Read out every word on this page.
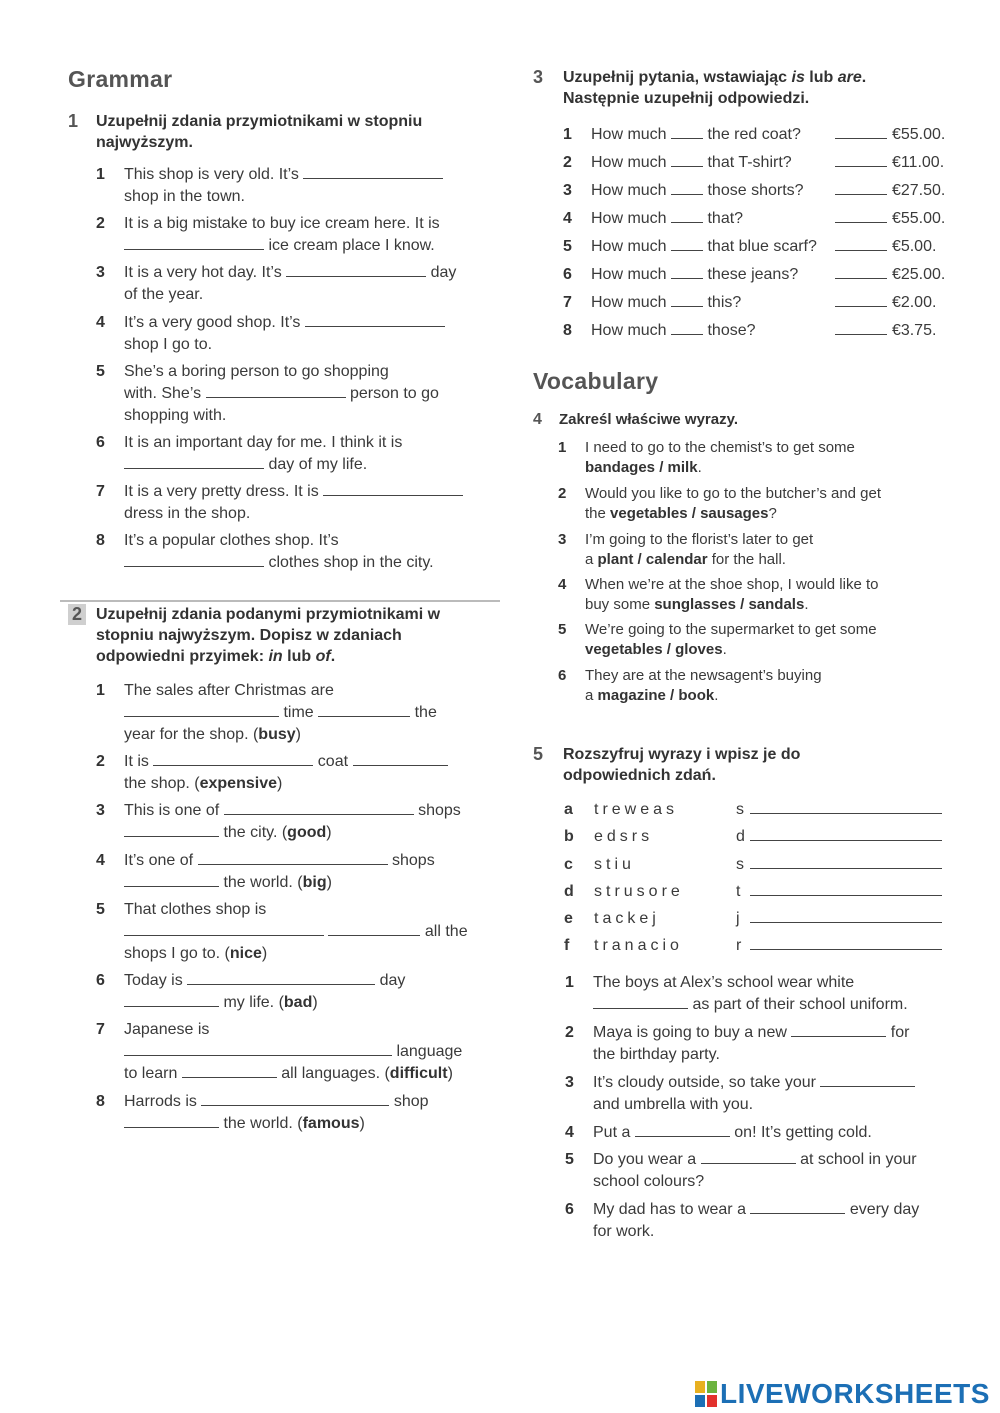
Grammar
1	Uzupełnij zdania przymiotnikami w stopniu najwyższym.
1	This shop is very old. It’s
shop in the town.
2	It is a big mistake to buy ice cream here. It is
ice cream place I know.
3	It is a very hot day. It’s	day
of the year.
4	It’s a very good shop. It’s
shop I go to.
5	She’s a boring person to go shopping
with. She’s	person to go
shopping with.
6	It is an important day for me. I think it is
day of my life.
7	It is a very pretty dress. It is
dress in the shop.
8	It’s a popular clothes shop. It’s
clothes shop in the city.
2 Uzupełnij zdania podanymi przymiotnikami w stopniu najwyższym. Dopisz w zdaniach odpowiedni przyimek: in lub of.
1	The sales after Christmas are
time	the
year for the shop. (busy)
2	It is	coat
the shop. (expensive)
3	This is one of	shops
the city. (good)
4	It’s one of	shops
the world. (big)
5	That clothes shop is
all the
shops I go to. (nice)
6	Today is	day
my life. (bad)
7	Japanese is
language
to learn	all languages. (difficult)
8	Harrods is	shop
the world. (famous)
3	Uzupełnij pytania, wstawiając is lub are.
Następnie uzupełnij odpowiedzi.
1	How much	the red coat?	€55.00.
2	How much	that T-shirt?	€11.00.
3	How much	those shorts?	€27.50.
4	How much	that?	€55.00.
5	How much	that blue scarf?	€5.00.
6	How much	these jeans?	€25.00.
7	How much	this?	€2.00.
8	How much	those?	€3.75.
Vocabulary
4	Zakreśl właściwe wyrazy.
1	I need to go to the chemist’s to get some
bandages / milk.
2	Would you like to go to the butcher’s and get
the vegetables / sausages?
3	I’m going to the florist’s later to get
a plant / calendar for the hall.
4	When we’re at the shoe shop, I would like to
buy some sunglasses / sandals.
5	We’re going to the supermarket to get some
vegetables / gloves.
6	They are at the newsagent’s buying
a magazine / book.
5	Rozszyfruj wyrazy i wpisz je do odpowiednich zdań.
a	treweas	s
b	edsrs	d
c	stiu	s
d	strusore	t
e	tackej	j
f	tranacio	r
1	The boys at Alex’s school wear white
as part of their school uniform.
2	Maya is going to buy a new	for
the birthday party.
3	It’s cloudy outside, so take your
and umbrella with you.
4	Put a	on! It’s getting cold.
5	Do you wear a	at school in your
school colours?
6	My dad has to wear a	every day
for work.
LIVEWORKSHEETS
